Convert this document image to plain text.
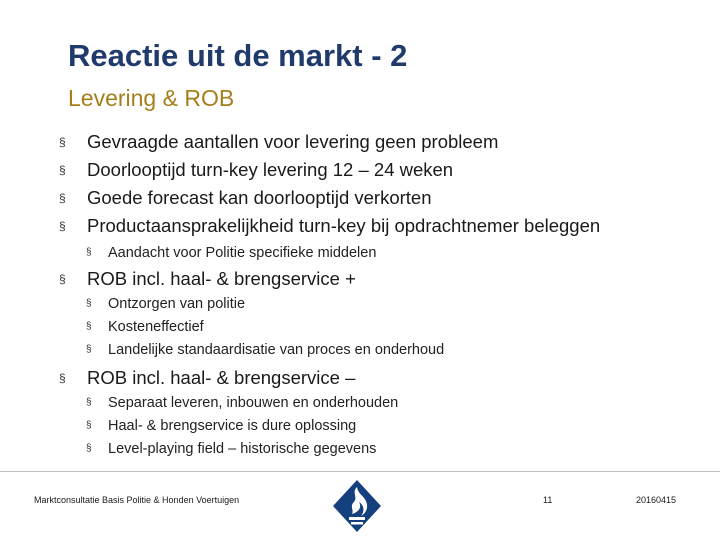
Reactie uit de markt - 2
Levering & ROB
§ Gevraagde aantallen voor levering geen probleem
§ Doorlooptijd turn-key levering 12 – 24 weken
§ Goede forecast kan doorlooptijd verkorten
§ Productaansprakelijkheid turn-key bij opdrachtnemer beleggen
§ Aandacht voor Politie specifieke middelen
§ ROB incl. haal- & brengservice +
§ Ontzorgen van politie
§ Kosteneffectief
§ Landelijke standaardisatie van proces en onderhoud
§ ROB incl. haal- & brengservice –
§ Separaat leveren, inbouwen en onderhouden
§ Haal- & brengservice is dure oplossing
§ Level-playing field – historische gegevens
Marktconsultatie Basis Politie & Honden Voertuigen	11	20160415
